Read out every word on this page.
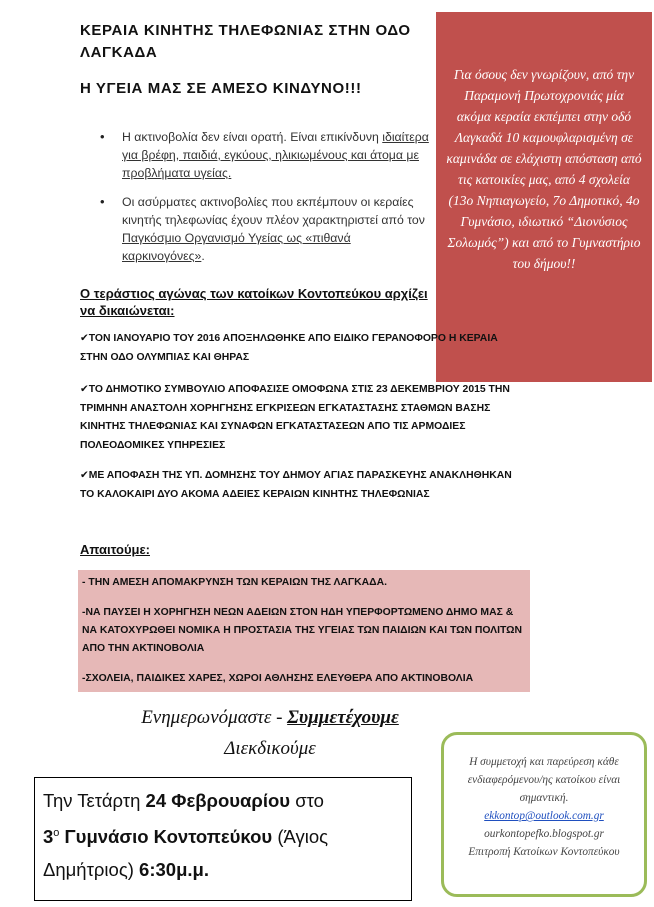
ΚΕΡΑΙΑ ΚΙΝΗΤΗΣ ΤΗΛΕΦΩΝΙΑΣ ΣΤΗΝ ΟΔΟ ΛΑΓΚΑΔΑ
Η ΥΓΕΙΑ ΜΑΣ ΣΕ ΑΜΕΣΟ ΚΙΝΔΥΝΟ!!!
Για όσους δεν γνωρίζουν, από την Παραμονή Πρωτοχρονιάς μία ακόμα κεραία εκπέμπει στην οδό Λαγκαδά 10 καμουφλαρισμένη σε καμινάδα σε ελάχιστη απόσταση από τις κατοικίες μας, από 4 σχολεία (13ο Νηπιαγωγείο, 7ο Δημοτικό, 4ο Γυμνάσιο, ιδιωτικό “Διονύσιος Σολωμός”) και από το Γυμναστήριο του δήμου!!
• Η ακτινοβολία δεν είναι ορατή. Είναι επικίνδυνη ιδιαίτερα για βρέφη, παιδιά, εγκύους, ηλικιωμένους και άτομα με προβλήματα υγείας.
• Οι ασύρματες ακτινοβολίες που εκπέμπουν οι κεραίες κινητής τηλεφωνίας έχουν πλέον χαρακτηριστεί από τον Παγκόσμιο Οργανισμό Υγείας ως «πιθανά καρκινογόνες».
Ο τεράστιος αγώνας των κατοίκων Κοντοπεύκου αρχίζει να δικαιώνεται:
✔ΤΟΝ ΙΑΝΟΥΑΡΙΟ ΤΟΥ 2016 ΑΠΟΞΗΛΩΘΗΚΕ ΑΠΟ ΕΙΔΙΚΟ ΓΕΡΑΝΟΦΟΡΟ Η ΚΕΡΑΙΑ ΣΤΗΝ ΟΔΟ ΟΛΥΜΠΙΑΣ ΚΑΙ ΘΗΡΑΣ
✔ΤΟ ΔΗΜΟΤΙΚΟ ΣΥΜΒΟΥΛΙΟ ΑΠΟΦΑΣΙΣΕ ΟΜΟΦΩΝΑ ΣΤΙΣ 23 ΔΕΚΕΜΒΡΙΟΥ 2015 ΤΗΝ ΤΡΙΜΗΝΗ ΑΝΑΣΤΟΛΗ ΧΟΡΗΓΗΣΗΣ ΕΓΚΡΙΣΕΩΝ ΕΓΚΑΤΑΣΤΑΣΗΣ ΣΤΑΘΜΩΝ ΒΑΣΗΣ ΚΙΝΗΤΗΣ ΤΗΛΕΦΩΝΙΑΣ ΚΑΙ ΣΥΝΑΦΩΝ ΕΓΚΑΤΑΣΤΑΣΕΩΝ ΑΠΟ ΤΙΣ ΑΡΜΟΔΙΕΣ ΠΟΛΕΟΔΟΜΙΚΕΣ ΥΠΗΡΕΣΙΕΣ
✔ΜΕ ΑΠΟΦΑΣΗ ΤΗΣ ΥΠ. ΔΟΜΗΣΗΣ ΤΟΥ ΔΗΜΟΥ ΑΓΙΑΣ ΠΑΡΑΣΚΕΥΗΣ ΑΝΑΚΛΗΘΗΚΑΝ ΤΟ ΚΑΛΟΚΑΙΡΙ ΔΥΟ ΑΚΟΜΑ ΑΔΕΙΕΣ ΚΕΡΑΙΩΝ ΚΙΝΗΤΗΣ ΤΗΛΕΦΩΝΙΑΣ
Απαιτούμε:

- ΤΗΝ ΑΜΕΣΗ ΑΠΟΜΑΚΡΥΝΣΗ ΤΩΝ ΚΕΡΑΙΩΝ ΤΗΣ ΛΑΓΚΑΔΑ.

-ΝΑ ΠΑΥΣΕΙ Η ΧΟΡΗΓΗΣΗ ΝΕΩΝ ΑΔΕΙΩΝ ΣΤΟΝ ΗΔΗ ΥΠΕΡΦΟΡΤΩΜΕΝΟ ΔΗΜΟ ΜΑΣ & ΝΑ ΚΑΤΟΧΥΡΩΘΕΙ ΝΟΜΙΚΑ Η ΠΡΟΣΤΑΣΙΑ ΤΗΣ ΥΓΕΙΑΣ ΤΩΝ ΠΑΙΔΙΩΝ ΚΑΙ ΤΩΝ ΠΟΛΙΤΩΝ ΑΠΟ ΤΗΝ ΑΚΤΙΝΟΒΟΛΙΑ

-ΣΧΟΛΕΙΑ, ΠΑΙΔΙΚΕΣ ΧΑΡΕΣ, ΧΩΡΟΙ ΑΘΛΗΣΗΣ ΕΛΕΥΘΕΡΑ ΑΠΟ ΑΚΤΙΝΟΒΟΛΙΑ

Ενημερωνόμαστε - Συμμετέχουμε
Διεκδικούμε
Την Τετάρτη 24 Φεβρουαρίου στο
$3^o$ Γυμνάσιο Κοντοπεύκου (Άγιος Δημήτριος) 6:30μ.μ.
Η συμμετοχή και παρεύρεση κάθε ενδιαφερόμενου/ης κατοίκου είναι σημαντική.
ekkontop@outlook.com.gr
ourkontopefko.blogspot.gr
Επιτροπή Κατοίκων Κοντοπεύκου
